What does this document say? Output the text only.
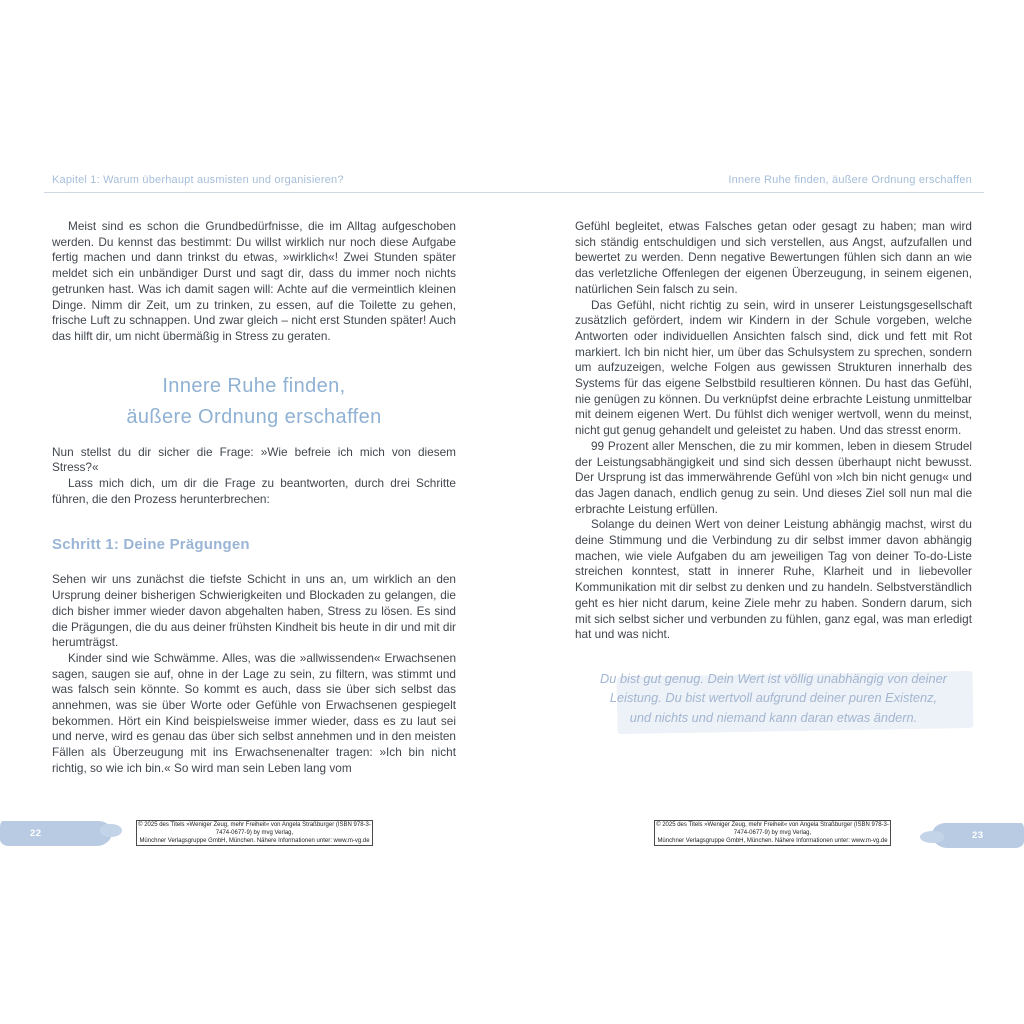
Kapitel 1: Warum überhaupt ausmisten und organisieren?	Innere Ruhe finden, äußere Ordnung erschaffen

Meist sind es schon die Grundbedürfnisse, die im Alltag aufgeschoben werden. Du kennst das bestimmt: Du willst wirklich nur noch diese Aufgabe fertig machen und dann trinkst du etwas, »wirklich«! Zwei Stunden später meldet sich ein unbändiger Durst und sagt dir, dass du immer noch nichts getrunken hast. Was ich damit sagen will: Achte auf die vermeintlich kleinen Dinge. Nimm dir Zeit, um zu trinken, zu essen, auf die Toilette zu gehen, frische Luft zu schnappen. Und zwar gleich – nicht erst Stunden später! Auch das hilft dir, um nicht übermäßig in Stress zu geraten.

Innere Ruhe finden,
äußere Ordnung erschaffen

Nun stellst du dir sicher die Frage: »Wie befreie ich mich von diesem Stress?«

Lass mich dich, um dir die Frage zu beantworten, durch drei Schritte führen, die den Prozess herunterbrechen:

Schritt 1: Deine Prägungen

Sehen wir uns zunächst die tiefste Schicht in uns an, um wirklich an den Ursprung deiner bisherigen Schwierigkeiten und Blockaden zu gelangen, die dich bisher immer wieder davon abgehalten haben, Stress zu lösen. Es sind die Prägungen, die du aus deiner frühsten Kindheit bis heute in dir und mit dir herumträgst.

Kinder sind wie Schwämme. Alles, was die »allwissenden« Erwachsenen sagen, saugen sie auf, ohne in der Lage zu sein, zu filtern, was stimmt und was falsch sein könnte. So kommt es auch, dass sie über sich selbst das annehmen, was sie über Worte oder Gefühle von Erwachsenen gespiegelt bekommen. Hört ein Kind beispielsweise immer wieder, dass es zu laut sei und nerve, wird es genau das über sich selbst annehmen und in den meisten Fällen als Überzeugung mit ins Erwachsenenalter tragen: »Ich bin nicht richtig, so wie ich bin.« So wird man sein Leben lang vom

Gefühl begleitet, etwas Falsches getan oder gesagt zu haben; man wird sich ständig entschuldigen und sich verstellen, aus Angst, aufzufallen und bewertet zu werden. Denn negative Bewertungen fühlen sich dann an wie das verletzliche Offenlegen der eigenen Überzeugung, in seinem eigenen, natürlichen Sein falsch zu sein.

Das Gefühl, nicht richtig zu sein, wird in unserer Leistungsgesellschaft zusätzlich gefördert, indem wir Kindern in der Schule vorgeben, welche Antworten oder individuellen Ansichten falsch sind, dick und fett mit Rot markiert. Ich bin nicht hier, um über das Schulsystem zu sprechen, sondern um aufzuzeigen, welche Folgen aus gewissen Strukturen innerhalb des Systems für das eigene Selbstbild resultieren können. Du hast das Gefühl, nie genügen zu können. Du verknüpfst deine erbrachte Leistung unmittelbar mit deinem eigenen Wert. Du fühlst dich weniger wertvoll, wenn du meinst, nicht gut genug gehandelt und geleistet zu haben. Und das stresst enorm.

99 Prozent aller Menschen, die zu mir kommen, leben in diesem Strudel der Leistungsabhängigkeit und sind sich dessen überhaupt nicht bewusst. Der Ursprung ist das immerwährende Gefühl von »Ich bin nicht genug« und das Jagen danach, endlich genug zu sein. Und dieses Ziel soll nun mal die erbrachte Leistung erfüllen.

Solange du deinen Wert von deiner Leistung abhängig machst, wirst du deine Stimmung und die Verbindung zu dir selbst immer davon abhängig machen, wie viele Aufgaben du am jeweiligen Tag von deiner To-do-Liste streichen konntest, statt in innerer Ruhe, Klarheit und in liebevoller Kommunikation mit dir selbst zu denken und zu handeln. Selbstverständlich geht es hier nicht darum, keine Ziele mehr zu haben. Sondern darum, sich mit sich selbst sicher und verbunden zu fühlen, ganz egal, was man erledigt hat und was nicht.

Du bist gut genug. Dein Wert ist völlig unabhängig von deiner
Leistung. Du bist wertvoll aufgrund deiner puren Existenz,
und nichts und niemand kann daran etwas ändern.
© 2025 des Titels »Weniger Zeug, mehr Freiheit« von Angela Straßburger (ISBN 978-3-7474-0677-9) by mvg Verlag,
Münchner Verlagsgruppe GmbH, München. Nähere Informationen unter: www.m-vg.de
© 2025 des Titels »Weniger Zeug, mehr Freiheit« von Angela Straßburger (ISBN 978-3-7474-0677-9) by mvg Verlag,
Münchner Verlagsgruppe GmbH, München. Nähere Informationen unter: www.m-vg.de
22	23
